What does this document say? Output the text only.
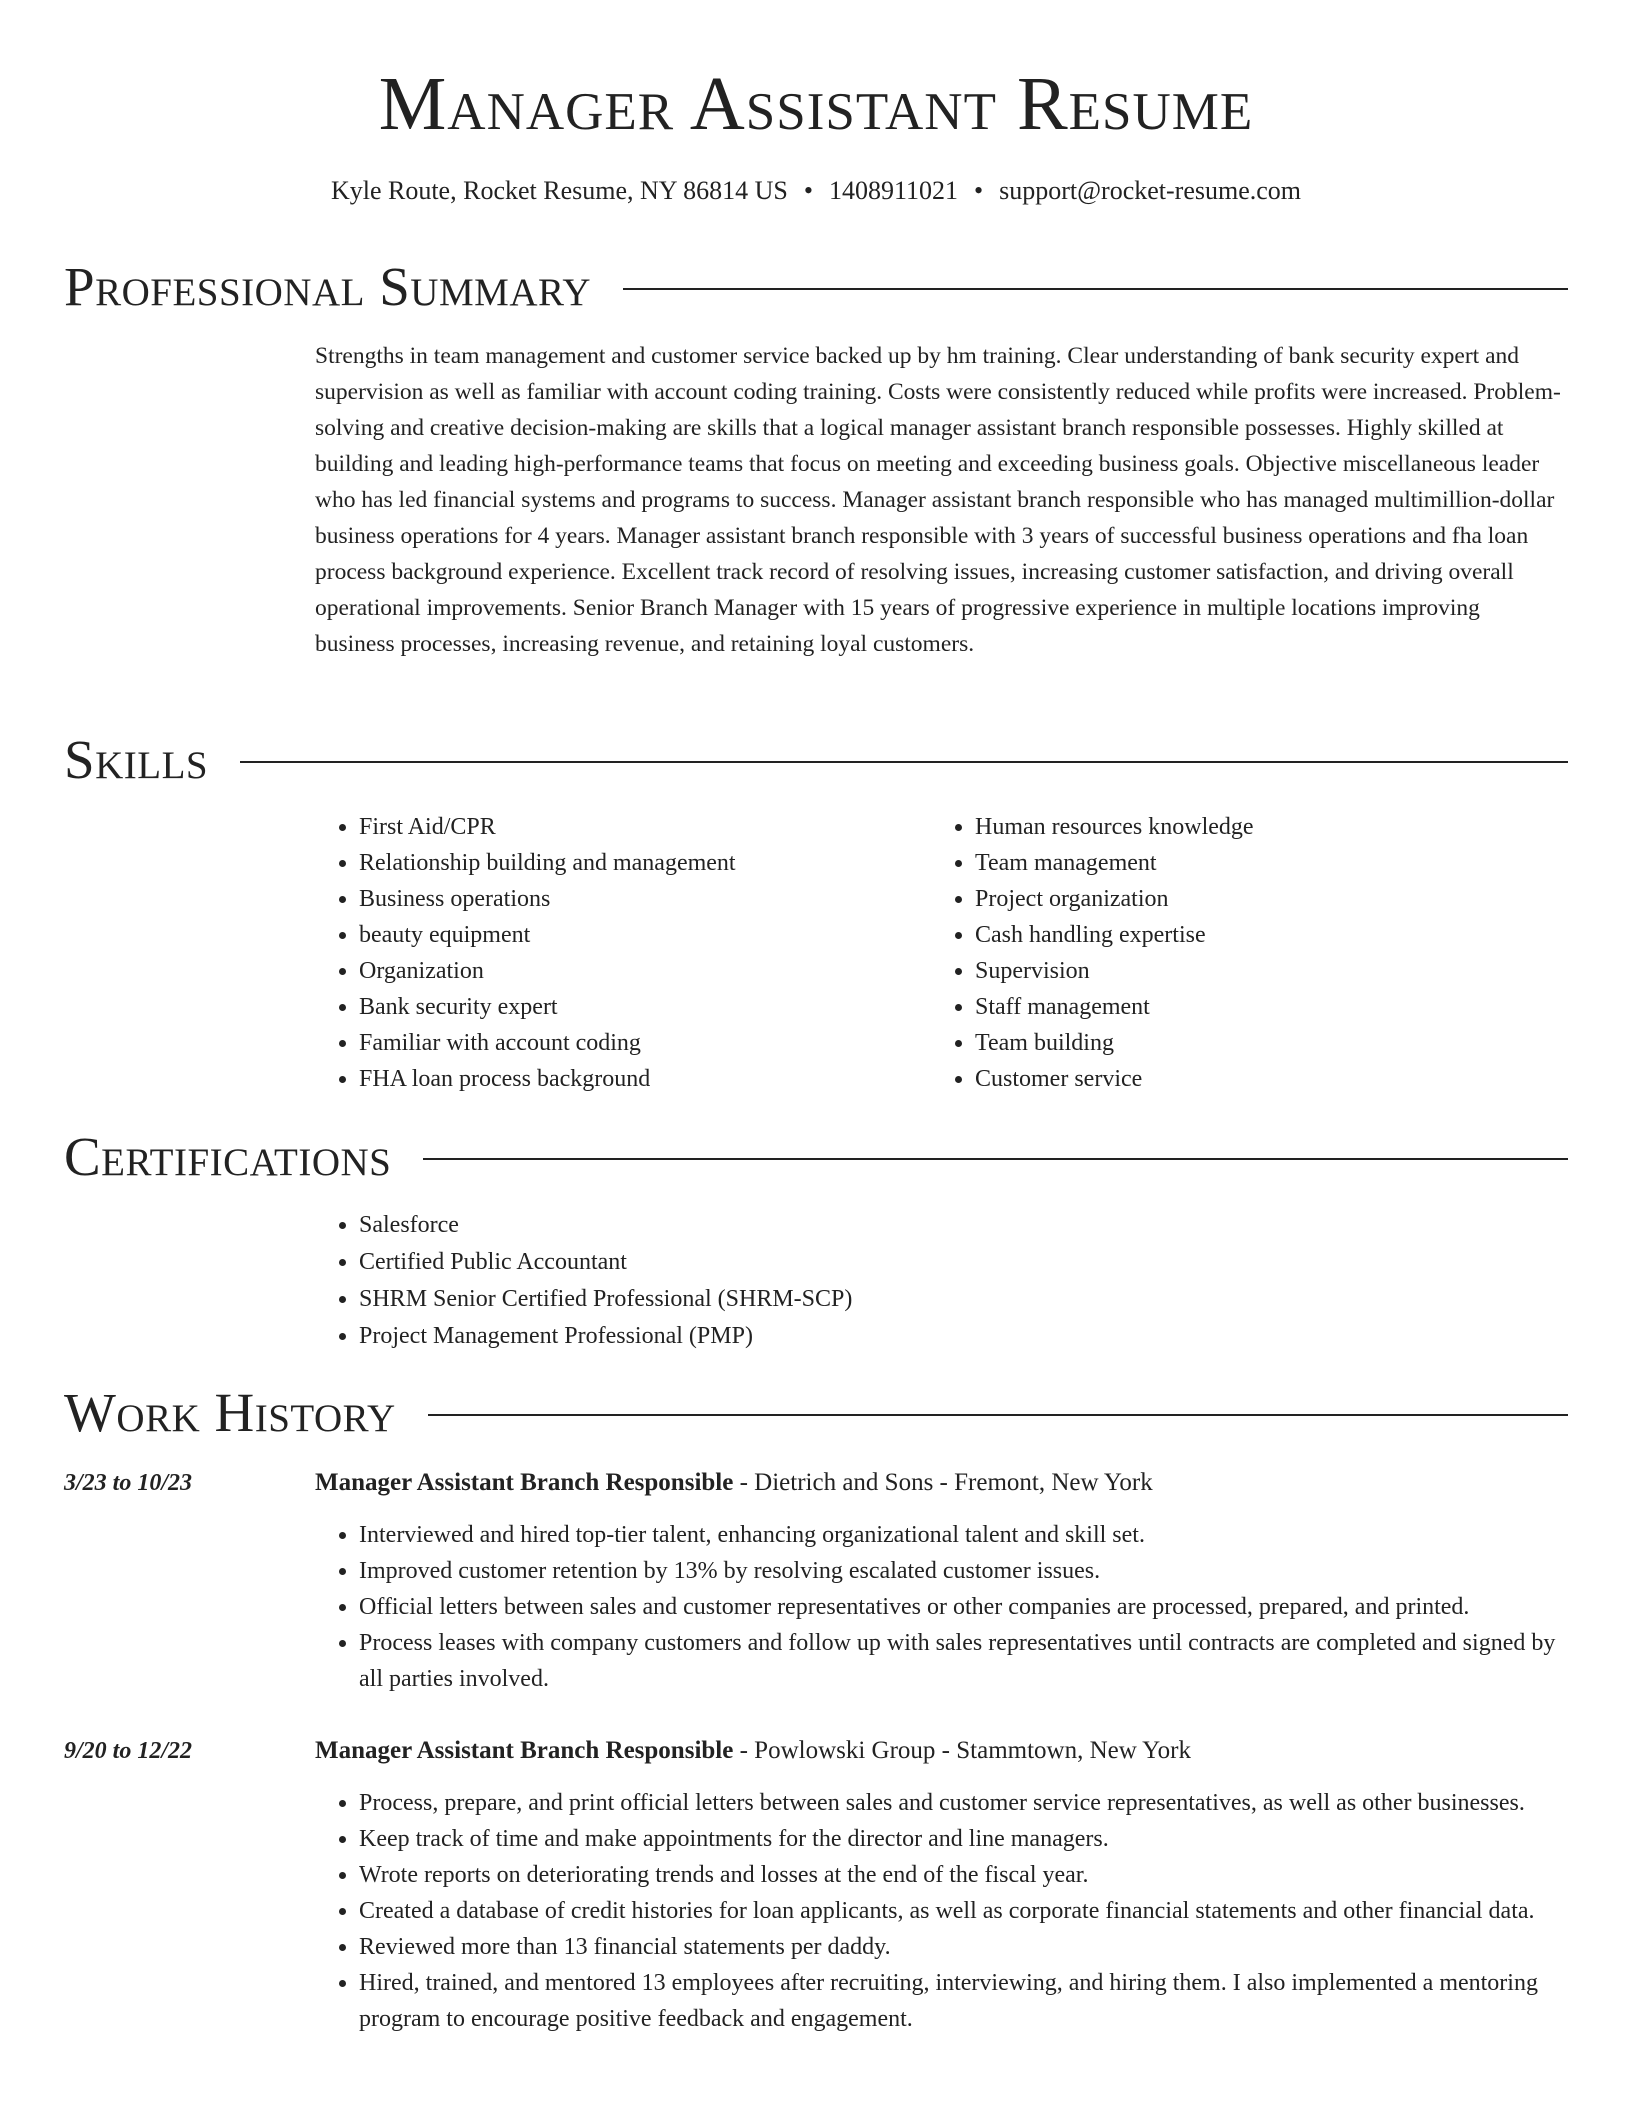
Manager Assistant Resume
Kyle Route, Rocket Resume, NY 86814 US • 1408911021 • support@rocket-resume.com
Professional Summary
Strengths in team management and customer service backed up by hm training. Clear understanding of bank security expert and supervision as well as familiar with account coding training. Costs were consistently reduced while profits were increased. Problem-solving and creative decision-making are skills that a logical manager assistant branch responsible possesses. Highly skilled at building and leading high-performance teams that focus on meeting and exceeding business goals. Objective miscellaneous leader who has led financial systems and programs to success. Manager assistant branch responsible who has managed multimillion-dollar business operations for 4 years. Manager assistant branch responsible with 3 years of successful business operations and fha loan process background experience. Excellent track record of resolving issues, increasing customer satisfaction, and driving overall operational improvements. Senior Branch Manager with 15 years of progressive experience in multiple locations improving business processes, increasing revenue, and retaining loyal customers.
Skills
• First Aid/CPR
• Relationship building and management
• Business operations
• beauty equipment
• Organization
• Bank security expert
• Familiar with account coding
• FHA loan process background
• Human resources knowledge
• Team management
• Project organization
• Cash handling expertise
• Supervision
• Staff management
• Team building
• Customer service
Certifications
• Salesforce
• Certified Public Accountant
• SHRM Senior Certified Professional (SHRM-SCP)
• Project Management Professional (PMP)
Work History
3/23 to 10/23	Manager Assistant Branch Responsible - Dietrich and Sons - Fremont, New York
• Interviewed and hired top-tier talent, enhancing organizational talent and skill set.
• Improved customer retention by 13% by resolving escalated customer issues.
• Official letters between sales and customer representatives or other companies are processed, prepared, and printed.
• Process leases with company customers and follow up with sales representatives until contracts are completed and signed by all parties involved.
9/20 to 12/22	Manager Assistant Branch Responsible - Powlowski Group - Stammtown, New York
• Process, prepare, and print official letters between sales and customer service representatives, as well as other businesses.
• Keep track of time and make appointments for the director and line managers.
• Wrote reports on deteriorating trends and losses at the end of the fiscal year.
• Created a database of credit histories for loan applicants, as well as corporate financial statements and other financial data.
• Reviewed more than 13 financial statements per daddy.
• Hired, trained, and mentored 13 employees after recruiting, interviewing, and hiring them. I also implemented a mentoring program to encourage positive feedback and engagement.
